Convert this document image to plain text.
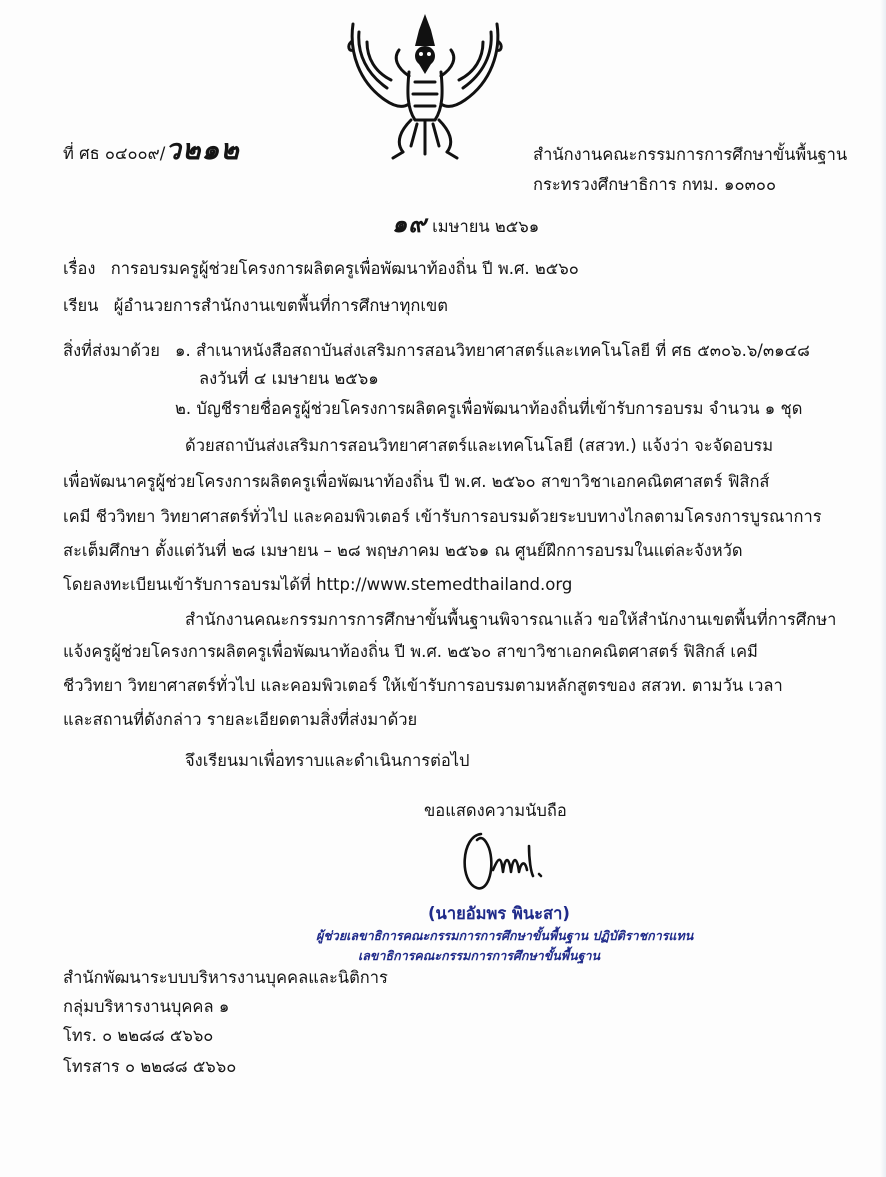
ที่ ศธ ๐๔๐๐๙/ว๒๑๒	สำนักงานคณะกรรมการการศึกษาขั้นพื้นฐาน
กระทรวงศึกษาธิการ กทม. ๑๐๓๐๐
๑๙ เมษายน ๒๕๖๑
เรื่อง การอบรมครูผู้ช่วยโครงการผลิตครูเพื่อพัฒนาท้องถิ่น ปี พ.ศ. ๒๕๖๐
เรียน ผู้อำนวยการสำนักงานเขตพื้นที่การศึกษาทุกเขต
สิ่งที่ส่งมาด้วย ๑. สำเนาหนังสือสถาบันส่งเสริมการสอนวิทยาศาสตร์และเทคโนโลยี ที่ ศธ ๕๓๐๖.๖/๓๑๔๘
ลงวันที่ ๔ เมษายน ๒๕๖๑
๒. บัญชีรายชื่อครูผู้ช่วยโครงการผลิตครูเพื่อพัฒนาท้องถิ่นที่เข้ารับการอบรม จำนวน ๑ ชุด
ด้วยสถาบันส่งเสริมการสอนวิทยาศาสตร์และเทคโนโลยี (สสวท.) แจ้งว่า จะจัดอบรม
เพื่อพัฒนาครูผู้ช่วยโครงการผลิตครูเพื่อพัฒนาท้องถิ่น ปี พ.ศ. ๒๕๖๐ สาขาวิชาเอกคณิตศาสตร์ ฟิสิกส์
เคมี ชีววิทยา วิทยาศาสตร์ทั่วไป และคอมพิวเตอร์ เข้ารับการอบรมด้วยระบบทางไกลตามโครงการบูรณาการ
สะเต็มศึกษา ตั้งแต่วันที่ ๒๘ เมษายน – ๒๘ พฤษภาคม ๒๕๖๑ ณ ศูนย์ฝึกการอบรมในแต่ละจังหวัด
โดยลงทะเบียนเข้ารับการอบรมได้ที่ http://www.stemedthailand.org
สำนักงานคณะกรรมการการศึกษาขั้นพื้นฐานพิจารณาแล้ว ขอให้สำนักงานเขตพื้นที่การศึกษา
แจ้งครูผู้ช่วยโครงการผลิตครูเพื่อพัฒนาท้องถิ่น ปี พ.ศ. ๒๕๖๐ สาขาวิชาเอกคณิตศาสตร์ ฟิสิกส์ เคมี
ชีววิทยา วิทยาศาสตร์ทั่วไป และคอมพิวเตอร์ ให้เข้ารับการอบรมตามหลักสูตรของ สสวท. ตามวัน เวลา
และสถานที่ดังกล่าว รายละเอียดตามสิ่งที่ส่งมาด้วย
จึงเรียนมาเพื่อทราบและดำเนินการต่อไป
ขอแสดงความนับถือ
(นายอัมพร พินะสา)
ผู้ช่วยเลขาธิการคณะกรรมการการศึกษาขั้นพื้นฐาน ปฏิบัติราชการแทน
เลขาธิการคณะกรรมการการศึกษาขั้นพื้นฐาน
สำนักพัฒนาระบบบริหารงานบุคคลและนิติการ
กลุ่มบริหารงานบุคคล ๑
โทร. ๐ ๒๒๘๘ ๕๖๖๐
โทรสาร ๐ ๒๒๘๘ ๕๖๖๐
